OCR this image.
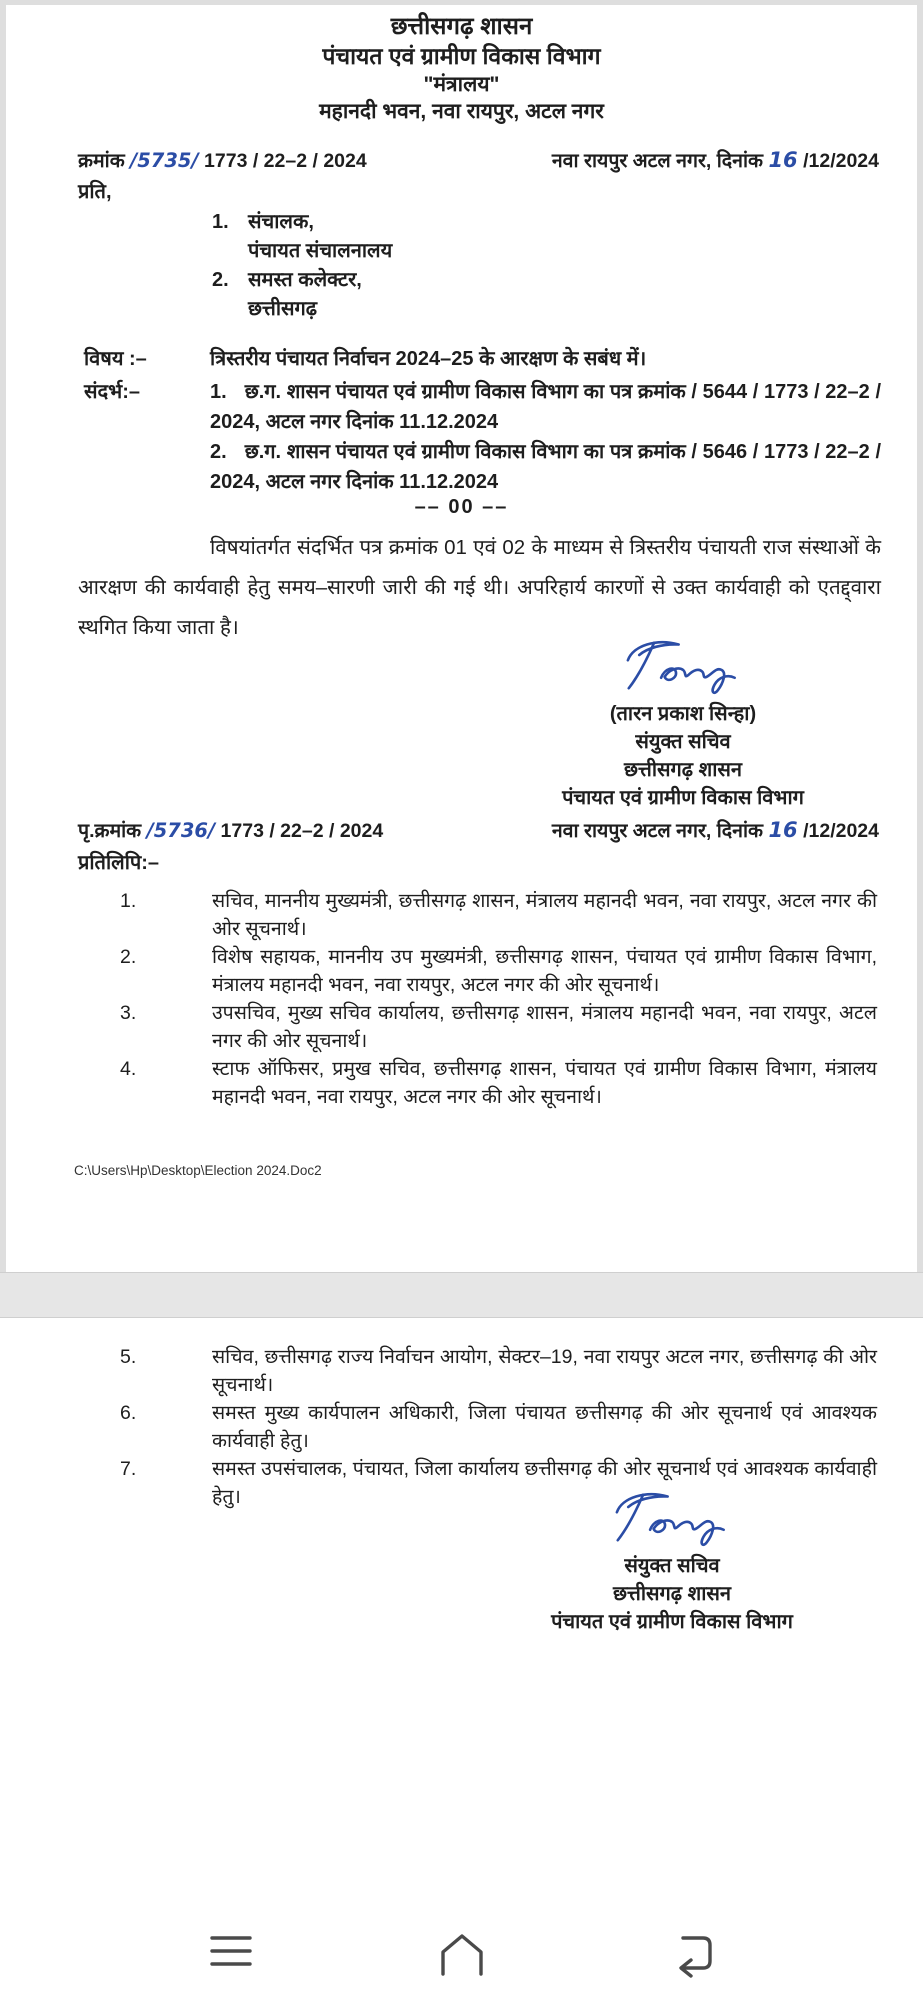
छत्तीसगढ़ शासन
पंचायत एवं ग्रामीण विकास विभाग
"मंत्रालय"
महानदी भवन, नवा रायपुर, अटल नगर
क्रमांक /5735/ 1773 / 22–2 / 2024	नवा रायपुर अटल नगर, दिनांक 16 /12/2024
प्रति,
1. संचालक,
पंचायत संचालनालय
2. समस्त कलेक्टर,
छत्तीसगढ़
विषय :–	त्रिस्तरीय पंचायत निर्वाचन 2024–25 के आरक्षण के सबंध में।
संदर्भ:–	1. छ.ग. शासन पंचायत एवं ग्रामीण विकास विभाग का पत्र क्रमांक / 5644 / 1773 / 22–2 / 2024, अटल नगर दिनांक 11.12.2024
2. छ.ग. शासन पंचायत एवं ग्रामीण विकास विभाग का पत्र क्रमांक / 5646 / 1773 / 22–2 / 2024, अटल नगर दिनांक 11.12.2024
–– 00 ––
विषयांतर्गत संदर्भित पत्र क्रमांक 01 एवं 02 के माध्यम से त्रिस्तरीय पंचायती राज संस्थाओं के आरक्षण की कार्यवाही हेतु समय–सारणी जारी की गई थी। अपरिहार्य कारणों से उक्त कार्यवाही को एतद्द्वारा स्थगित किया जाता है।
(तारन प्रकाश सिन्हा)
संयुक्त सचिव
छत्तीसगढ़ शासन
पंचायत एवं ग्रामीण विकास विभाग
पृ.क्रमांक /5736/ 1773 / 22–2 / 2024	नवा रायपुर अटल नगर, दिनांक 16 /12/2024
प्रतिलिपि:–
1.	सचिव, माननीय मुख्यमंत्री, छत्तीसगढ़ शासन, मंत्रालय महानदी भवन, नवा रायपुर, अटल नगर की ओर सूचनार्थ।
2.	विशेष सहायक, माननीय उप मुख्यमंत्री, छत्तीसगढ़ शासन, पंचायत एवं ग्रामीण विकास विभाग, मंत्रालय महानदी भवन, नवा रायपुर, अटल नगर की ओर सूचनार्थ।
3.	उपसचिव, मुख्य सचिव कार्यालय, छत्तीसगढ़ शासन, मंत्रालय महानदी भवन, नवा रायपुर, अटल नगर की ओर सूचनार्थ।
4.	स्टाफ ऑफिसर, प्रमुख सचिव, छत्तीसगढ़ शासन, पंचायत एवं ग्रामीण विकास विभाग, मंत्रालय महानदी भवन, नवा रायपुर, अटल नगर की ओर सूचनार्थ।
C:\Users\Hp\Desktop\Election 2024.Doc2
5.	सचिव, छत्तीसगढ़ राज्य निर्वाचन आयोग, सेक्टर–19, नवा रायपुर अटल नगर, छत्तीसगढ़ की ओर सूचनार्थ।
6.	समस्त मुख्य कार्यपालन अधिकारी, जिला पंचायत छत्तीसगढ़ की ओर सूचनार्थ एवं आवश्यक कार्यवाही हेतु।
7.	समस्त उपसंचालक, पंचायत, जिला कार्यालय छत्तीसगढ़ की ओर सूचनार्थ एवं आवश्यक कार्यवाही हेतु।
संयुक्त सचिव
छत्तीसगढ़ शासन
पंचायत एवं ग्रामीण विकास विभाग
